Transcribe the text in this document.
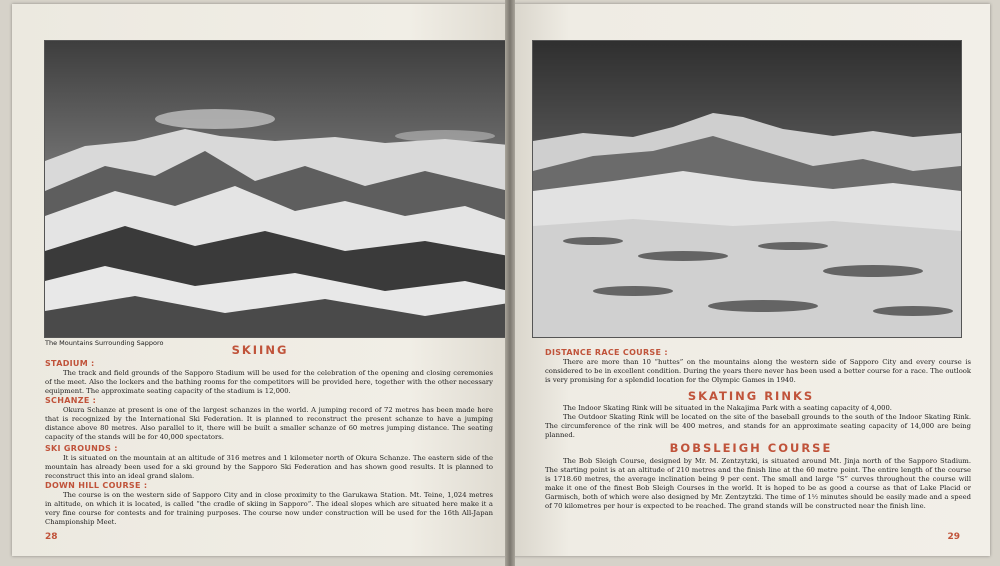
The Mountains Surrounding Sapporo	SKIING
STADIUM :
The track and field grounds of the Sapporo Stadium will be used for the celebration of the opening and closing ceremonies of the meet. Also the lockers and the bathing rooms for the competitors will be provided here, together with the other necessary equipment. The approximate seating capacity of the stadium is 12,000.
SCHANZE :
Okura Schanze at present is one of the largest schanzes in the world. A jumping record of 72 metres has been made here that is recognized by the International Ski Federation. It is planned to reconstruct the present schanze to have a jumping distance above 80 metres. Also parallel to it, there will be built a smaller schanze of 60 metres jumping distance. The seating capacity of the stands will be for 40,000 spectators.
SKI GROUNDS :
It is situated on the mountain at an altitude of 316 metres and 1 kilometer north of Okura Schanze. The eastern side of the mountain has already been used for a ski ground by the Sapporo Ski Federation and has shown good results. It is planned to reconstruct this into an ideal grand slalom.
DOWN HILL COURSE :
The course is on the western side of Sapporo City and in close proximity to the Garukawa Station. Mt. Teine, 1,024 metres in altitude, on which it is located, is called “the cradle of skiing in Sapporo”. The ideal slopes which are situated here make it a very fine course for contests and for training purposes. The course now under construction will be used for the 16th All-Japan Championship Meet.
28
DISTANCE RACE COURSE :
There are more than 10 “huttes” on the mountains along the western side of Sapporo City and every course is considered to be in excellent condition. During the years there never has been used a better course for a race. The outlook is very promising for a splendid location for the Olympic Games in 1940.
SKATING RINKS
The Indoor Skating Rink will be situated in the Nakajima Park with a seating capacity of 4,000.
The Outdoor Skating Rink will be located on the site of the baseball grounds to the south of the Indoor Skating Rink. The circumference of the rink will be 400 metres, and stands for an approximate seating capacity of 14,000 are being planned.
BOBSLEIGH COURSE
The Bob Sleigh Course, designed by Mr. M. Zentzytzki, is situated around Mt. Jinja north of the Sapporo Stadium. The starting point is at an altitude of 210 metres and the finish line at the 60 metre point. The entire length of the course is 1718.60 metres, the average inclination being 9 per cent. The small and large “S” curves throughout the course will make it one of the finest Bob Sleigh Courses in the world. It is hoped to be as good a course as that of Lake Placid or Garmisch, both of which were also designed by Mr. Zentzytzki. The time of 1½ minutes should be easily made and a speed of 70 kilometres per hour is expected to be reached. The grand stands will be constructed near the finish line.
29
